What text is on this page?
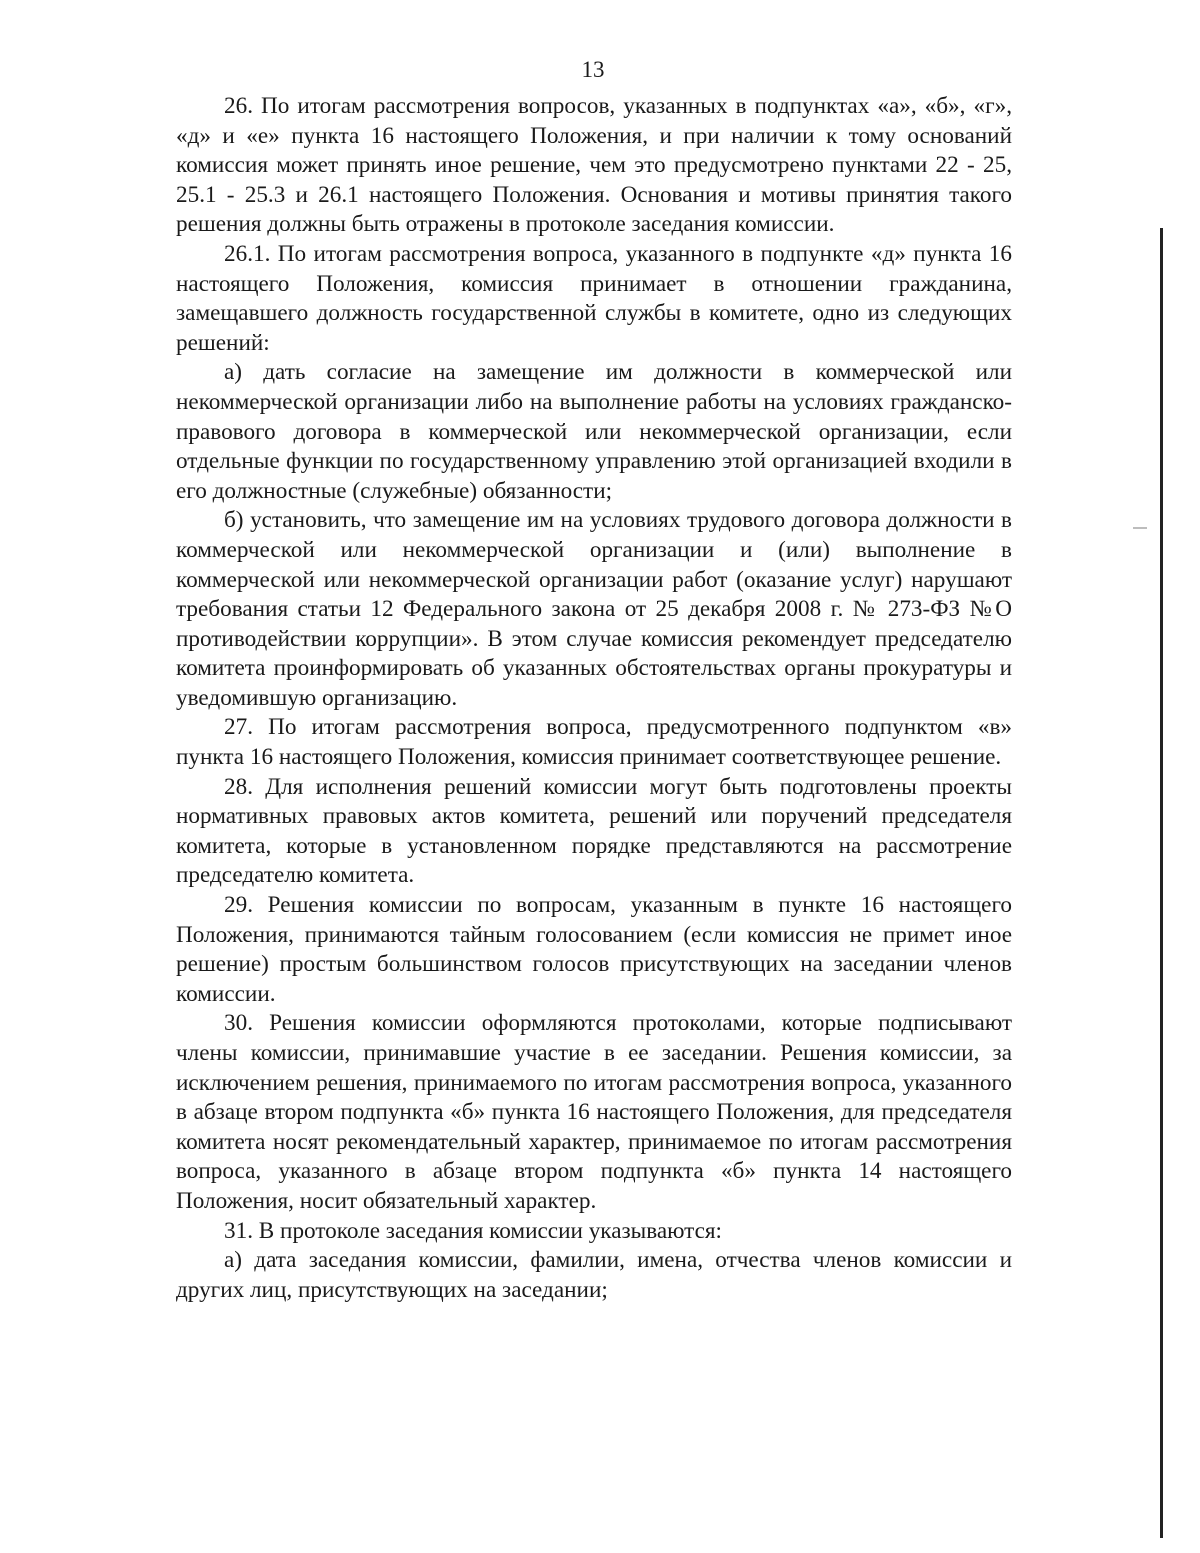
13

26. По итогам рассмотрения вопросов, указанных в подпунктах «а», «б», «г», «д» и «е» пункта 16 настоящего Положения, и при наличии к тому оснований комиссия может принять иное решение, чем это предусмотрено пунктами 22 - 25, 25.1 - 25.3 и 26.1 настоящего Положения. Основания и мотивы принятия такого решения должны быть отражены в протоколе заседания комиссии.

26.1. По итогам рассмотрения вопроса, указанного в подпункте «д» пункта 16 настоящего Положения, комиссия принимает в отношении гражданина, замещавшего должность государственной службы в комитете, одно из следующих решений:

а) дать согласие на замещение им должности в коммерческой или некоммерческой организации либо на выполнение работы на условиях гражданско-правового договора в коммерческой или некоммерческой организации, если отдельные функции по государственному управлению этой организацией входили в его должностные (служебные) обязанности;

б) установить, что замещение им на условиях трудового договора должности в коммерческой или некоммерческой организации и (или) выполнение в коммерческой или некоммерческой организации работ (оказание услуг) нарушают требования статьи 12 Федерального закона от 25 декабря 2008 г. № 273-ФЗ №О противодействии коррупции». В этом случае комиссия рекомендует председателю комитета проинформировать об указанных обстоятельствах органы прокуратуры и уведомившую организацию.

27. По итогам рассмотрения вопроса, предусмотренного подпунктом «в» пункта 16 настоящего Положения, комиссия принимает соответствующее решение.

28. Для исполнения решений комиссии могут быть подготовлены проекты нормативных правовых актов комитета, решений или поручений председателя комитета, которые в установленном порядке представляются на рассмотрение председателю комитета.

29. Решения комиссии по вопросам, указанным в пункте 16 настоящего Положения, принимаются тайным голосованием (если комиссия не примет иное решение) простым большинством голосов присутствующих на заседании членов комиссии.

30. Решения комиссии оформляются протоколами, которые подписывают члены комиссии, принимавшие участие в ее заседании. Решения комиссии, за исключением решения, принимаемого по итогам рассмотрения вопроса, указанного в абзаце втором подпункта «б» пункта 16 настоящего Положения, для председателя комитета носят рекомендательный характер, принимаемое по итогам рассмотрения вопроса, указанного в абзаце втором подпункта «б» пункта 14 настоящего Положения, носит обязательный характер.

31. В протоколе заседания комиссии указываются:

а) дата заседания комиссии, фамилии, имена, отчества членов комиссии и других лиц, присутствующих на заседании;
